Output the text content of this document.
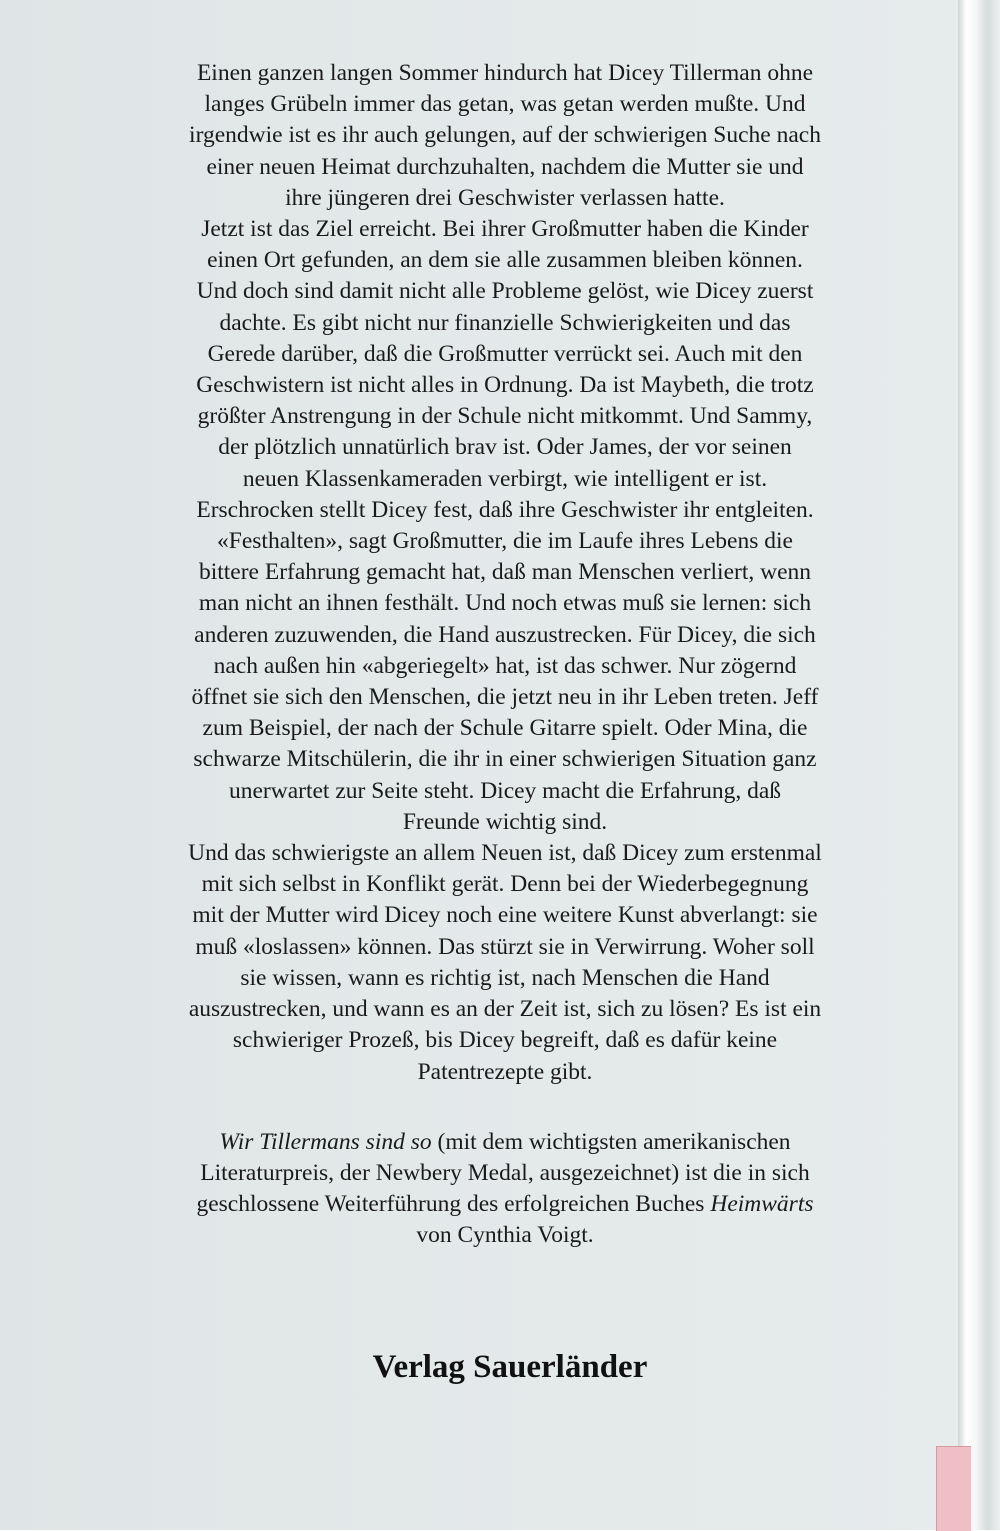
Einen ganzen langen Sommer hindurch hat Dicey Tillerman ohne
langes Grübeln immer das getan, was getan werden mußte. Und
irgendwie ist es ihr auch gelungen, auf der schwierigen Suche nach
einer neuen Heimat durchzuhalten, nachdem die Mutter sie und
ihre jüngeren drei Geschwister verlassen hatte.
Jetzt ist das Ziel erreicht. Bei ihrer Großmutter haben die Kinder
einen Ort gefunden, an dem sie alle zusammen bleiben können.
Und doch sind damit nicht alle Probleme gelöst, wie Dicey zuerst
dachte. Es gibt nicht nur finanzielle Schwierigkeiten und das
Gerede darüber, daß die Großmutter verrückt sei. Auch mit den
Geschwistern ist nicht alles in Ordnung. Da ist Maybeth, die trotz
größter Anstrengung in der Schule nicht mitkommt. Und Sammy,
der plötzlich unnatürlich brav ist. Oder James, der vor seinen
neuen Klassenkameraden verbirgt, wie intelligent er ist.
Erschrocken stellt Dicey fest, daß ihre Geschwister ihr entgleiten.
«Festhalten», sagt Großmutter, die im Laufe ihres Lebens die
bittere Erfahrung gemacht hat, daß man Menschen verliert, wenn
man nicht an ihnen festhält. Und noch etwas muß sie lernen: sich
anderen zuzuwenden, die Hand auszustrecken. Für Dicey, die sich
nach außen hin «abgeriegelt» hat, ist das schwer. Nur zögernd
öffnet sie sich den Menschen, die jetzt neu in ihr Leben treten. Jeff
zum Beispiel, der nach der Schule Gitarre spielt. Oder Mina, die
schwarze Mitschülerin, die ihr in einer schwierigen Situation ganz
unerwartet zur Seite steht. Dicey macht die Erfahrung, daß
Freunde wichtig sind.
Und das schwierigste an allem Neuen ist, daß Dicey zum erstenmal
mit sich selbst in Konflikt gerät. Denn bei der Wiederbegegnung
mit der Mutter wird Dicey noch eine weitere Kunst abverlangt: sie
muß «loslassen» können. Das stürzt sie in Verwirrung. Woher soll
sie wissen, wann es richtig ist, nach Menschen die Hand
auszustrecken, und wann es an der Zeit ist, sich zu lösen? Es ist ein
schwieriger Prozeß, bis Dicey begreift, daß es dafür keine
Patentrezepte gibt.
Wir Tillermans sind so (mit dem wichtigsten amerikanischen
Literaturpreis, der Newbery Medal, ausgezeichnet) ist die in sich
geschlossene Weiterführung des erfolgreichen Buches Heimwärts
von Cynthia Voigt.
Verlag Sauerländer
